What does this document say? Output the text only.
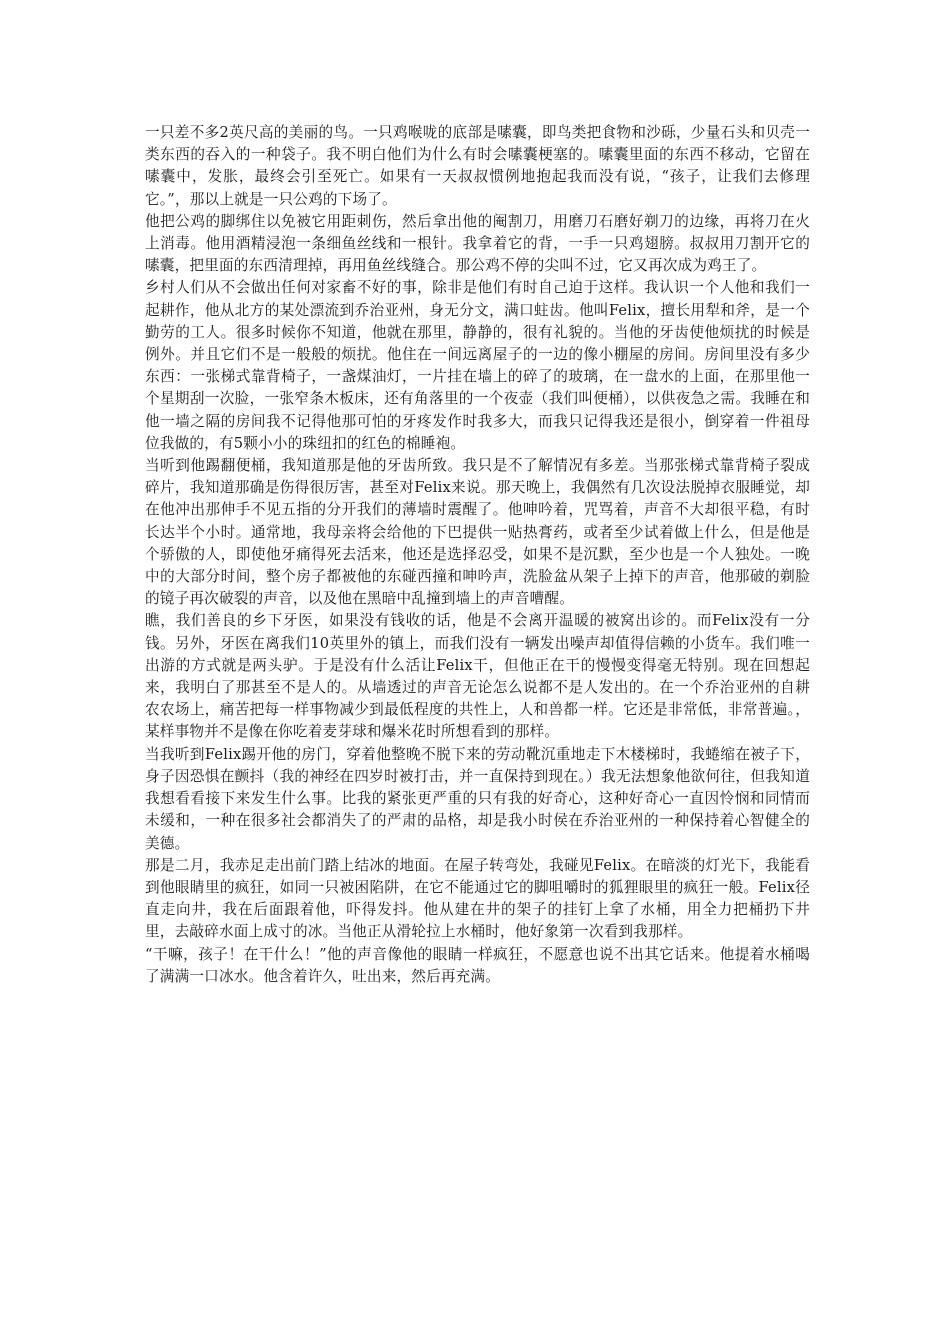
一只差不多2英尺高的美丽的鸟。一只鸡喉咙的底部是嗉囊，即鸟类把食物和沙砾，少量石头和贝壳一类东西的吞入的一种袋子。我不明白他们为什么有时会嗉囊梗塞的。嗉囊里面的东西不移动，它留在嗉囊中，发胀，最终会引至死亡。如果有一天叔叔惯例地抱起我而没有说，“孩子，让我们去修理它。”，那以上就是一只公鸡的下场了。

他把公鸡的脚绑住以免被它用距刺伤，然后拿出他的阉割刀，用磨刀石磨好剃刀的边缘，再将刀在火上消毒。他用酒精浸泡一条细鱼丝线和一根针。我拿着它的背，一手一只鸡翅膀。叔叔用刀割开它的嗉囊，把里面的东西清理掉，再用鱼丝线缝合。那公鸡不停的尖叫不过，它又再次成为鸡王了。

乡村人们从不会做出任何对家畜不好的事，除非是他们有时自己迫于这样。我认识一个人他和我们一起耕作，他从北方的某处漂流到乔治亚州，身无分文，满口蛀齿。他叫Felix，擅长用犁和斧，是一个勤劳的工人。很多时候你不知道，他就在那里，静静的，很有礼貌的。当他的牙齿使他烦扰的时候是例外。并且它们不是一般般的烦扰。他住在一间远离屋子的一边的像小棚屋的房间。房间里没有多少东西：一张梯式靠背椅子，一盏煤油灯，一片挂在墙上的碎了的玻璃，在一盘水的上面，在那里他一个星期刮一次脸，一张窄条木板床，还有角落里的一个夜壶（我们叫便桶），以供夜急之需。我睡在和他一墙之隔的房间我不记得他那可怕的牙疼发作时我多大，而我只记得我还是很小，倒穿着一件祖母位我做的，有5颗小小的珠纽扣的红色的棉睡袍。

当听到他踢翻便桶，我知道那是他的牙齿所致。我只是不了解情况有多差。当那张梯式靠背椅子裂成碎片，我知道那确是伤得很厉害，甚至对Felix来说。那天晚上，我偶然有几次设法脱掉衣服睡觉，却在他冲出那伸手不见五指的分开我们的薄墙时震醒了。他呻吟着，咒骂着，声音不大却很平稳，有时长达半个小时。通常地，我母亲将会给他的下巴提供一贴热膏药，或者至少试着做上什么，但是他是个骄傲的人，即使他牙痛得死去活来，他还是选择忍受，如果不是沉默，至少也是一个人独处。一晚中的大部分时间，整个房子都被他的东碰西撞和呻吟声，洗脸盆从架子上掉下的声音，他那破的剃脸的镜子再次破裂的声音，以及他在黑暗中乱撞到墙上的声音嘈醒。

瞧，我们善良的乡下牙医，如果没有钱收的话，他是不会离开温暖的被窝出诊的。而Felix没有一分钱。另外，牙医在离我们10英里外的镇上，而我们没有一辆发出噪声却值得信赖的小货车。我们唯一出游的方式就是两头驴。于是没有什么活让Felix干，但他正在干的慢慢变得毫无特别。现在回想起来，我明白了那甚至不是人的。从墙透过的声音无论怎么说都不是人发出的。在一个乔治亚州的自耕农农场上，痛苦把每一样事物减少到最低程度的共性上，人和兽都一样。它还是非常低，非常普遍。，某样事物并不是像在你吃着麦芽球和爆米花时所想看到的那样。

当我听到Felix踢开他的房门，穿着他整晚不脱下来的劳动靴沉重地走下木楼梯时，我蜷缩在被子下，身子因恐惧在颤抖（我的神经在四岁时被打击，并一直保持到现在。）我无法想象他欲何往，但我知道我想看看接下来发生什么事。比我的紧张更严重的只有我的好奇心，这种好奇心一直因怜悯和同情而未缓和，一种在很多社会都消失了的严肃的品格，却是我小时侯在乔治亚州的一种保持着心智健全的美德。

那是二月，我赤足走出前门踏上结冰的地面。在屋子转弯处，我碰见Felix。在暗淡的灯光下，我能看到他眼睛里的疯狂，如同一只被困陷阱，在它不能通过它的脚咀嚼时的狐狸眼里的疯狂一般。Felix径直走向井，我在后面跟着他，吓得发抖。他从建在井的架子的挂钉上拿了水桶，用全力把桶扔下井里，去敲碎水面上成寸的冰。当他正从滑轮拉上水桶时，他好象第一次看到我那样。

“干嘛，孩子！在干什么！”他的声音像他的眼睛一样疯狂，不愿意也说不出其它话来。他提着水桶喝了满满一口冰水。他含着许久，吐出来，然后再充满。
